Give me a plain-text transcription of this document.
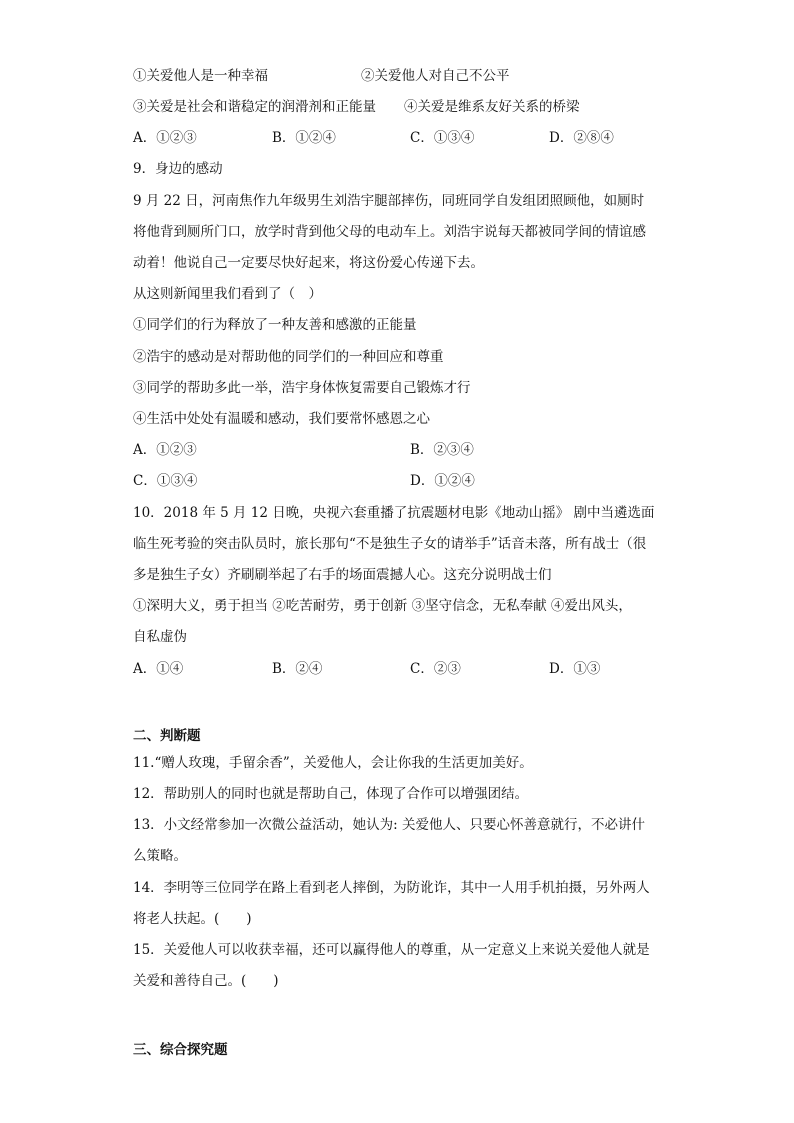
①关爱他人是一种幸福	②关爱他人对自己不公平
③关爱是社会和谐稳定的润滑剂和正能量 ④关爱是维系友好关系的桥梁
A．①②③	B．①②④	C．①③④	D．②⑧④
9．身边的感动
9 月 22 日，河南焦作九年级男生刘浩宇腿部摔伤，同班同学自发组团照顾他，如厕时
将他背到厕所门口，放学时背到他父母的电动车上。刘浩宇说每天都被同学间的情谊感
动着！他说自己一定要尽快好起来，将这份爱心传递下去。
从这则新闻里我们看到了（　）
①同学们的行为释放了一种友善和感激的正能量
②浩宇的感动是对帮助他的同学们的一种回应和尊重
③同学的帮助多此一举，浩宇身体恢复需要自己锻炼才行
④生活中处处有温暖和感动，我们要常怀感恩之心
A．①②③	B．②③④
C．①③④	D．①②④
10．2018 年 5 月 12 日晚，央视六套重播了抗震题材电影《地动山摇》 剧中当遴选面
临生死考验的突击队员时，旅长那句“不是独生子女的请举手”话音未落，所有战士（很
多是独生子女）齐刷刷举起了右手的场面震撼人心。这充分说明战士们
①深明大义，勇于担当 ②吃苦耐劳，勇于创新 ③坚守信念，无私奉献 ④爱出风头，
自私虚伪
A．①④	B．②④	C．②③	D．①③
二、判断题
11.“赠人玫瑰，手留余香”，关爱他人，会让你我的生活更加美好。
12．帮助别人的同时也就是帮助自己，体现了合作可以增强团结。
13．小文经常参加一次微公益活动，她认为: 关爱他人、只要心怀善意就行，不必讲什
么策略。
14．李明等三位同学在路上看到老人摔倒，为防讹诈，其中一人用手机拍摄，另外两人
将老人扶起。(　　)
15．关爱他人可以收获幸福，还可以赢得他人的尊重，从一定意义上来说关爱他人就是
关爱和善待自己。(　　)
三、综合探究题
